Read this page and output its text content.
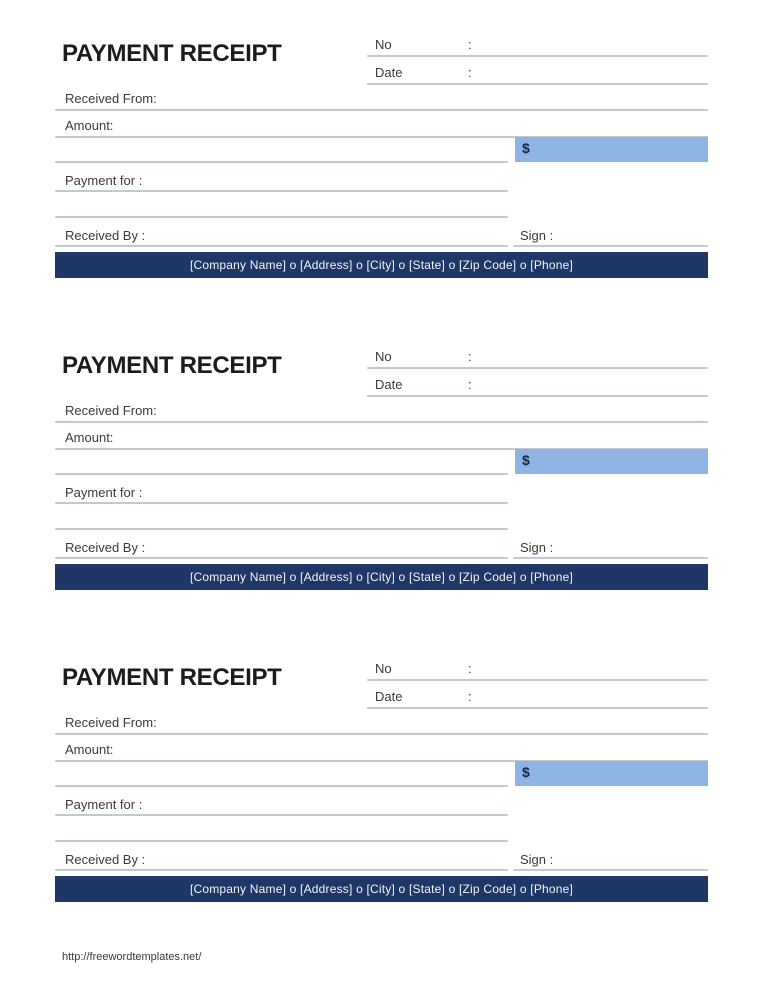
PAYMENT RECEIPT	No	:
Date	:
Received From:
Amount:
$
Payment for :
Received By :	Sign :
[Company Name] o [Address] o [City] o [State] o [Zip Code] o [Phone]
PAYMENT RECEIPT	No	:
Date	:
Received From:
Amount:
$
Payment for :
Received By :	Sign :
[Company Name] o [Address] o [City] o [State] o [Zip Code] o [Phone]
PAYMENT RECEIPT	No	:
Date	:
Received From:
Amount:
$
Payment for :
Received By :	Sign :
[Company Name] o [Address] o [City] o [State] o [Zip Code] o [Phone]
http://freewordtemplates.net/
